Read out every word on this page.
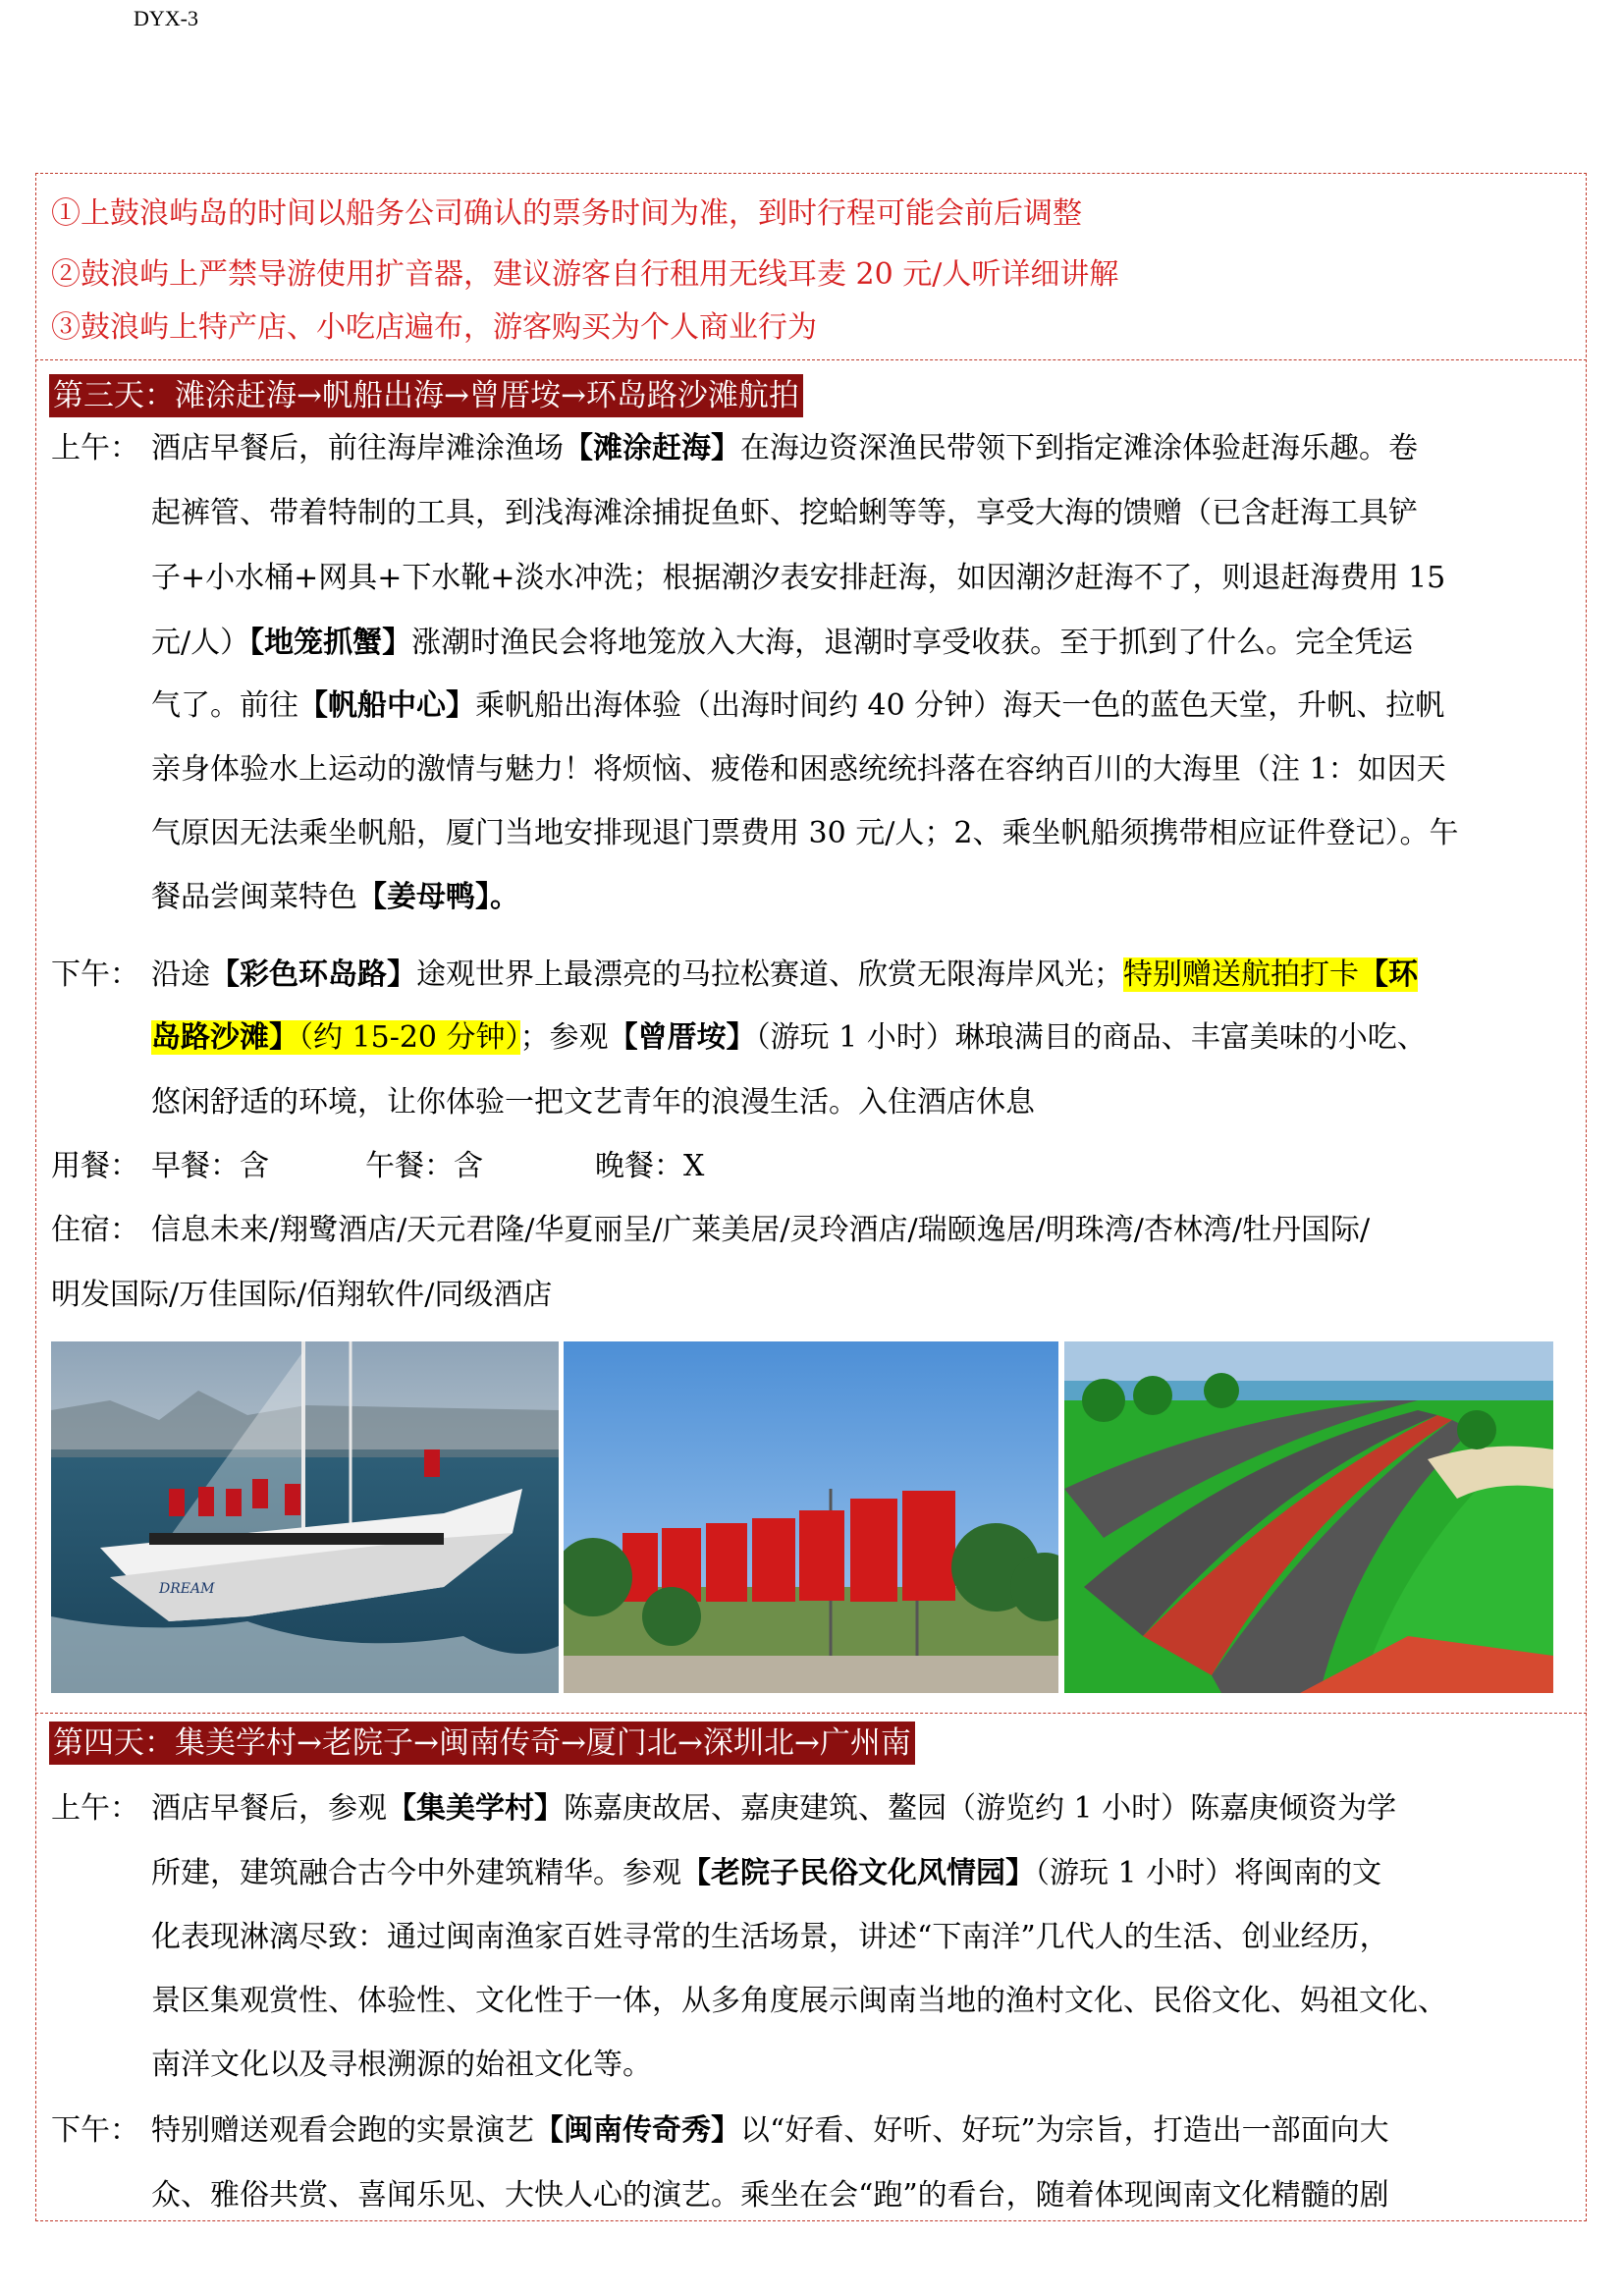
DYX-3
①上鼓浪屿岛的时间以船务公司确认的票务时间为准，到时行程可能会前后调整
②鼓浪屿上严禁导游使用扩音器，建议游客自行租用无线耳麦 20 元/人听详细讲解
③鼓浪屿上特产店、小吃店遍布，游客购买为个人商业行为
第三天：滩涂赶海→帆船出海→曾厝垵→环岛路沙滩航拍
上午： 酒店早餐后，前往海岸滩涂渔场【滩涂赶海】在海边资深渔民带领下到指定滩涂体验赶海乐趣。卷
起裤管、带着特制的工具，到浅海滩涂捕捉鱼虾、挖蛤蜊等等，享受大海的馈赠（已含赶海工具铲
子+小水桶+网具+下水靴+淡水冲洗；根据潮汐表安排赶海，如因潮汐赶海不了，则退赶海费用 15
元/人）【地笼抓蟹】涨潮时渔民会将地笼放入大海，退潮时享受收获。至于抓到了什么。完全凭运
气了。前往【帆船中心】乘帆船出海体验（出海时间约 40 分钟）海天一色的蓝色天堂，升帆、拉帆
亲身体验水上运动的激情与魅力！将烦恼、疲倦和困惑统统抖落在容纳百川的大海里（注 1：如因天
气原因无法乘坐帆船，厦门当地安排现退门票费用 30 元/人；2、乘坐帆船须携带相应证件登记）。午
餐品尝闽菜特色【姜母鸭】。
下午： 沿途【彩色环岛路】途观世界上最漂亮的马拉松赛道、欣赏无限海岸风光；特别赠送航拍打卡【环
岛路沙滩】（约 15-20 分钟）；参观【曾厝垵】（游玩 1 小时）琳琅满目的商品、丰富美味的小吃、
悠闲舒适的环境，让你体验一把文艺青年的浪漫生活。入住酒店休息
用餐： 早餐：含	午餐：含	晚餐：X
住宿： 信息未来/翔鹭酒店/天元君隆/华夏丽呈/广莱美居/灵玲酒店/瑞颐逸居/明珠湾/杏林湾/牡丹国际/
明发国际/万佳国际/佰翔软件/同级酒店
DREAM
第四天：集美学村→老院子→闽南传奇→厦门北→深圳北→广州南
上午： 酒店早餐后，参观【集美学村】陈嘉庚故居、嘉庚建筑、鳌园（游览约 1 小时）陈嘉庚倾资为学
所建，建筑融合古今中外建筑精华。参观【老院子民俗文化风情园】（游玩 1 小时）将闽南的文
化表现淋漓尽致：通过闽南渔家百姓寻常的生活场景，讲述“下南洋”几代人的生活、创业经历，
景区集观赏性、体验性、文化性于一体，从多角度展示闽南当地的渔村文化、民俗文化、妈祖文化、
南洋文化以及寻根溯源的始祖文化等。
下午： 特别赠送观看会跑的实景演艺【闽南传奇秀】以“好看、好听、好玩”为宗旨，打造出一部面向大
众、雅俗共赏、喜闻乐见、大快人心的演艺。乘坐在会“跑”的看台，随着体现闽南文化精髓的剧
